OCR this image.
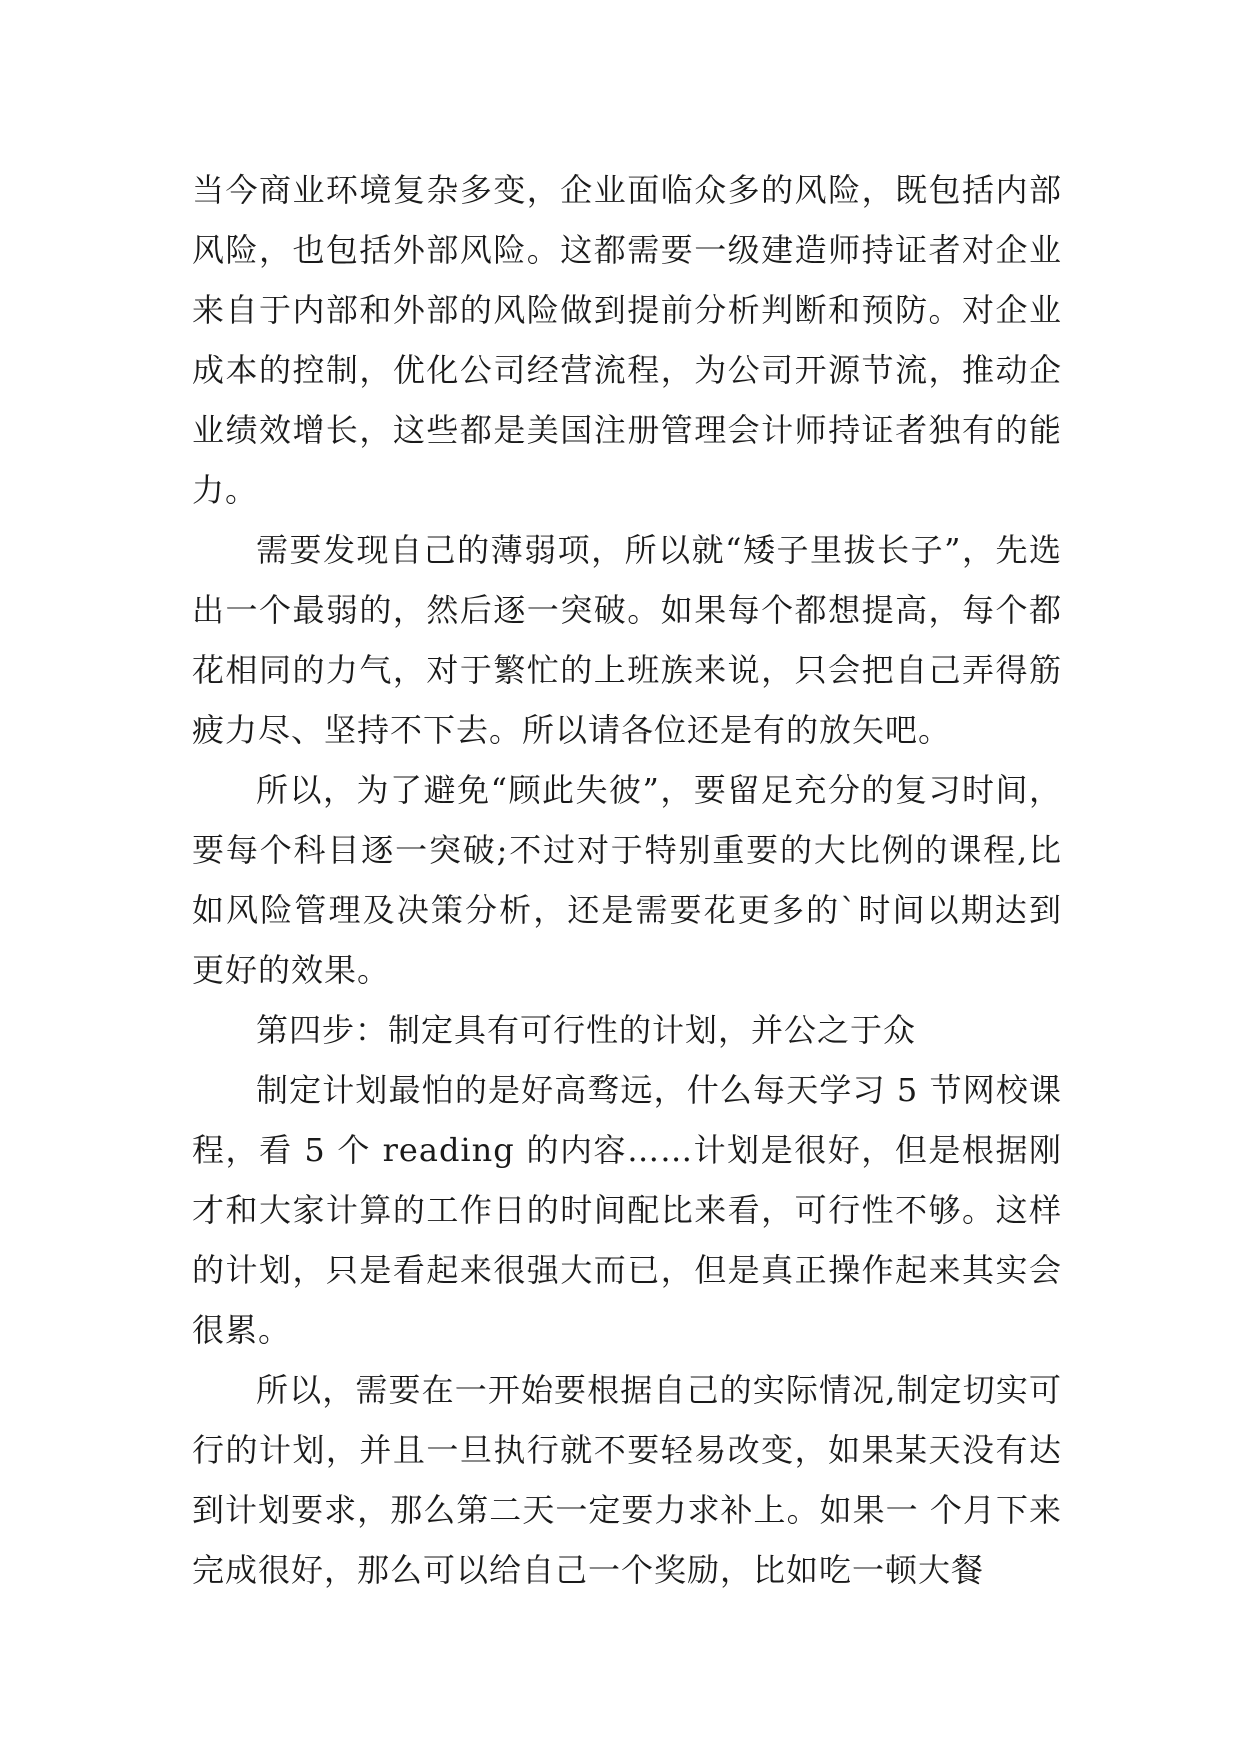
当今商业环境复杂多变，企业面临众多的风险，既包括内部风险，也包括外部风险。这都需要一级建造师持证者对企业来自于内部和外部的风险做到提前分析判断和预防。对企业成本的控制，优化公司经营流程，为公司开源节流，推动企业绩效增长，这些都是美国注册管理会计师持证者独有的能力。

需要发现自己的薄弱项，所以就“矮子里拔长子”，先选出一个最弱的，然后逐一突破。如果每个都想提高，每个都花相同的力气，对于繁忙的上班族来说，只会把自己弄得筋疲力尽、坚持不下去。所以请各位还是有的放矢吧。

所以，为了避免“顾此失彼”，要留足充分的复习时间，要每个科目逐一突破;不过对于特别重要的大比例的课程,比如风险管理及决策分析，还是需要花更多的`时间以期达到更好的效果。

第四步：制定具有可行性的计划，并公之于众

制定计划最怕的是好高骛远，什么每天学习 5 节网校课程，看 5 个 reading 的内容……计划是很好，但是根据刚才和大家计算的工作日的时间配比来看，可行性不够。这样的计划，只是看起来很强大而已，但是真正操作起来其实会很累。

所以，需要在一开始要根据自己的实际情况,制定切实可行的计划，并且一旦执行就不要轻易改变，如果某天没有达到计划要求，那么第二天一定要力求补上。如果一 个月下来完成很好，那么可以给自己一个奖励，比如吃一顿大餐
